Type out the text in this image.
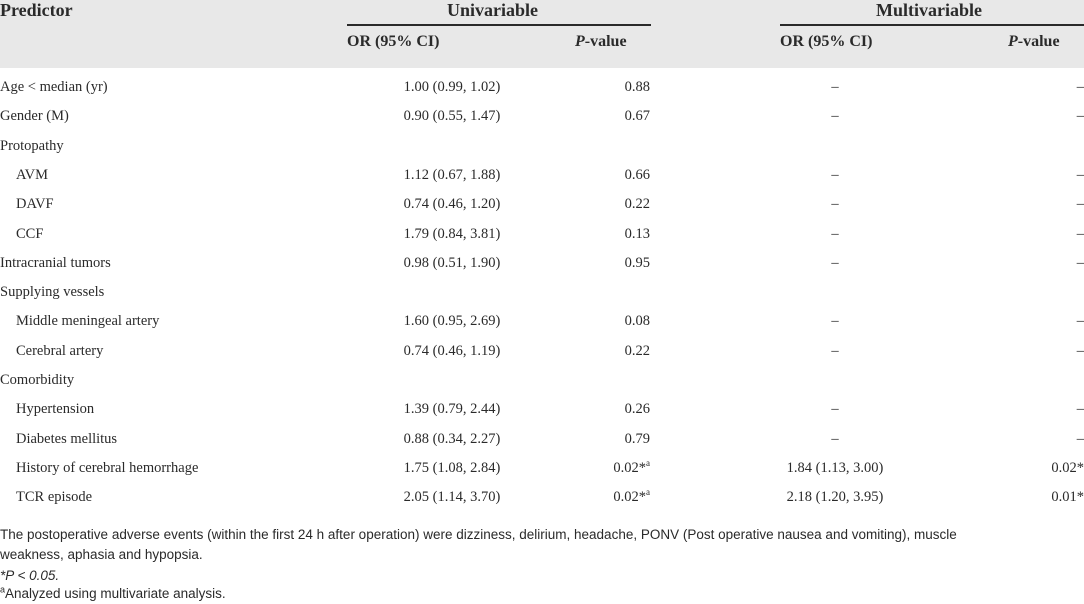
Predictor	Univariable	Multivariable
OR (95% CI)	P-value	OR (95% CI)	P-value
Age < median (yr)	1.00 (0.99, 1.02)	0.88	–	–
Gender (M)	0.90 (0.55, 1.47)	0.67	–	–
Protopathy
AVM	1.12 (0.67, 1.88)	0.66	–	–
DAVF	0.74 (0.46, 1.20)	0.22	–	–
CCF	1.79 (0.84, 3.81)	0.13	–	–
Intracranial tumors	0.98 (0.51, 1.90)	0.95	–	–
Supplying vessels
Middle meningeal artery	1.60 (0.95, 2.69)	0.08	–	–
Cerebral artery	0.74 (0.46, 1.19)	0.22	–	–
Comorbidity
Hypertension	1.39 (0.79, 2.44)	0.26	–	–
Diabetes mellitus	0.88 (0.34, 2.27)	0.79	–	–
History of cerebral hemorrhage	1.75 (1.08, 2.84)	0.02*$^a$	1.84 (1.13, 3.00)	0.02*
TCR episode	2.05 (1.14, 3.70)	0.02*$^a$	2.18 (1.20, 3.95)	0.01*
The postoperative adverse events (within the first 24 h after operation) were dizziness, delirium, headache, PONV (Post operative nausea and vomiting), muscle
weakness, aphasia and hypopsia.
*P < 0.05.
$^a$Analyzed using multivariate analysis.
